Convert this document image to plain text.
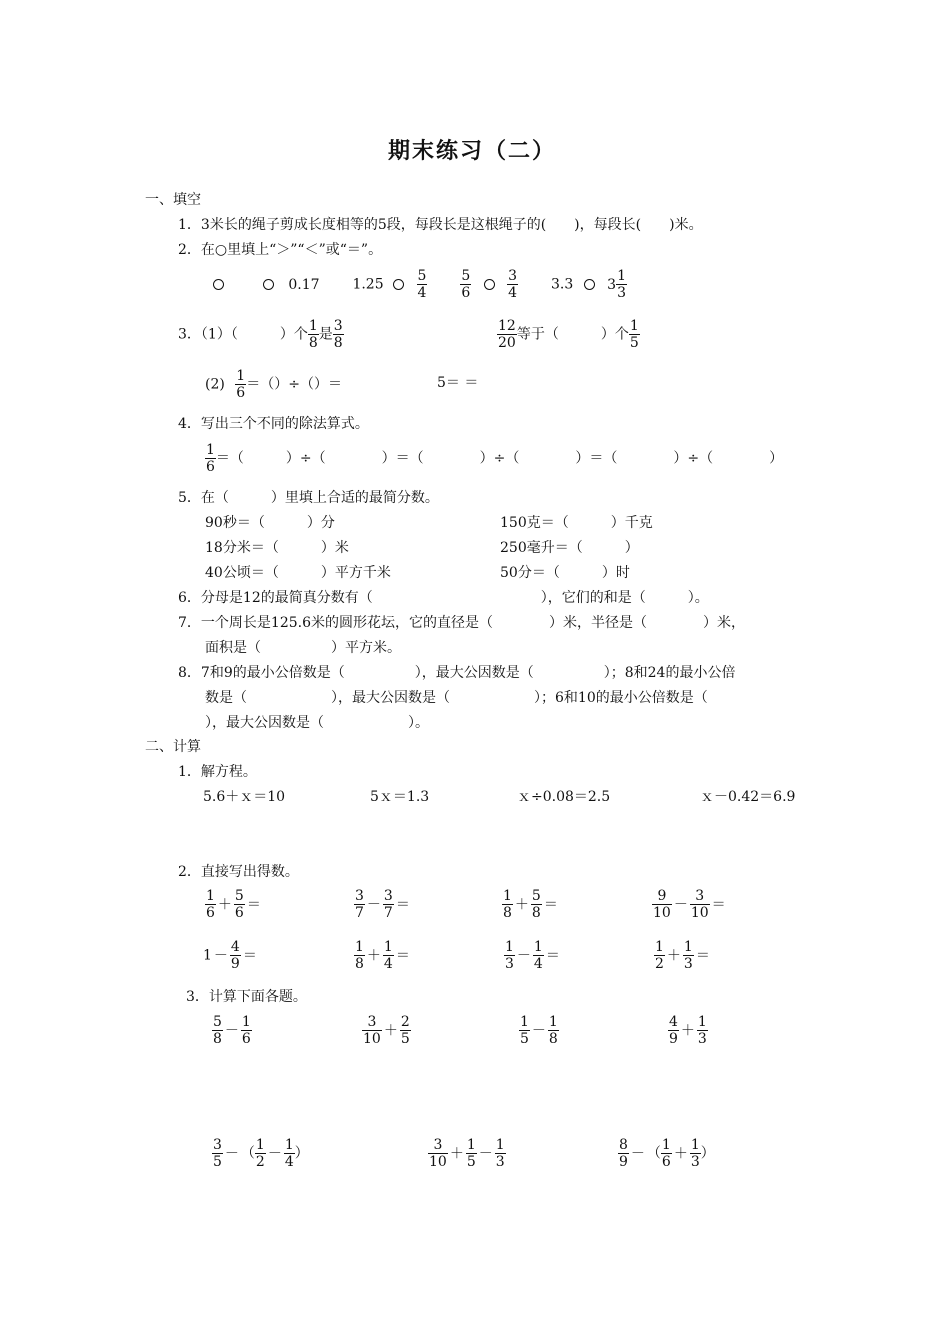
期末练习（二）
一、填空
1．3米长的绳子剪成长度相等的5段，每段长是这根绳子的(　　)，每段长(　　)米。
2．在○里填上“＞”“＜”或“＝”。
0.17 $1.25 \frac{5}{4}$
$\frac{5}{6}$
	$\frac{3}{4} 3.3$ $3 \frac{1}{3}$
3．（1）（　　　）个 $\frac{1}{8}$ 是 $\frac{3}{8}$	$\frac{12}{20}$ 等于（　　　）个 $\frac{1}{5}$
$(2) \frac{1}{6}$ ＝（）÷（）＝	5＝ ＝
4．写出三个不同的除法算式。
$\frac{1}{6}$ ＝（　　　）÷（　　　　）＝（　　　　）÷（　　　　）＝（　　　　）÷（　　　　）
5．在（　　　）里填上合适的最简分数。
90秒＝（　　　）分	150克＝（　　　）千克
18分米＝（　　　）米	250毫升＝（　　　）
40公顷＝（　　　）平方千米	50分＝（　　　）时
6．分母是12的最简真分数有（　　　　　　　　　　　　），它们的和是（　　　）。
7．一个周长是125.6米的圆形花坛，它的直径是（　　　　）米，半径是（　　　　）米，
面积是（　　　　　）平方米。
8．7和9的最小公倍数是（　　　　　），最大公因数是（　　　　　）；8和24的最小公倍
数是（　　　　　　），最大公因数是（　　　　　　）；6和10的最小公倍数是（
），最大公因数是（　　　　　　）。
二、计算
1．解方程。
5.6＋ｘ＝10	5ｘ＝1.3	ｘ÷0.08＝2.5	ｘ－0.42＝6.9
2．直接写出得数。
$\frac{1}{6} + \frac{5}{6}$ ＝	$\frac{3}{7} - \frac{3}{7}$ ＝	$\frac{1}{8} + \frac{5}{8}$ ＝	$\frac{9}{10} - \frac{3}{10}$ ＝
$1 - \frac{4}{9}$ ＝	$\frac{1}{8} + \frac{1}{4}$ ＝	$\frac{1}{3} - \frac{1}{4}$ ＝	$\frac{1}{2} + \frac{1}{3}$ ＝
3．计算下面各题。
$\frac{5}{8} - \frac{1}{6}$	$\frac{3}{10} + \frac{2}{5}$	$\frac{1}{5} - \frac{1}{8}$	$\frac{4}{9} + \frac{1}{3}$
$\frac{3}{5}$ － （ $\frac{1}{2} - \frac{1}{4}$ ）	$\frac{3}{10} + \frac{1}{5} - \frac{1}{3}$	$\frac{8}{9}$ － （ $\frac{1}{6} + \frac{1}{3}$ ）
